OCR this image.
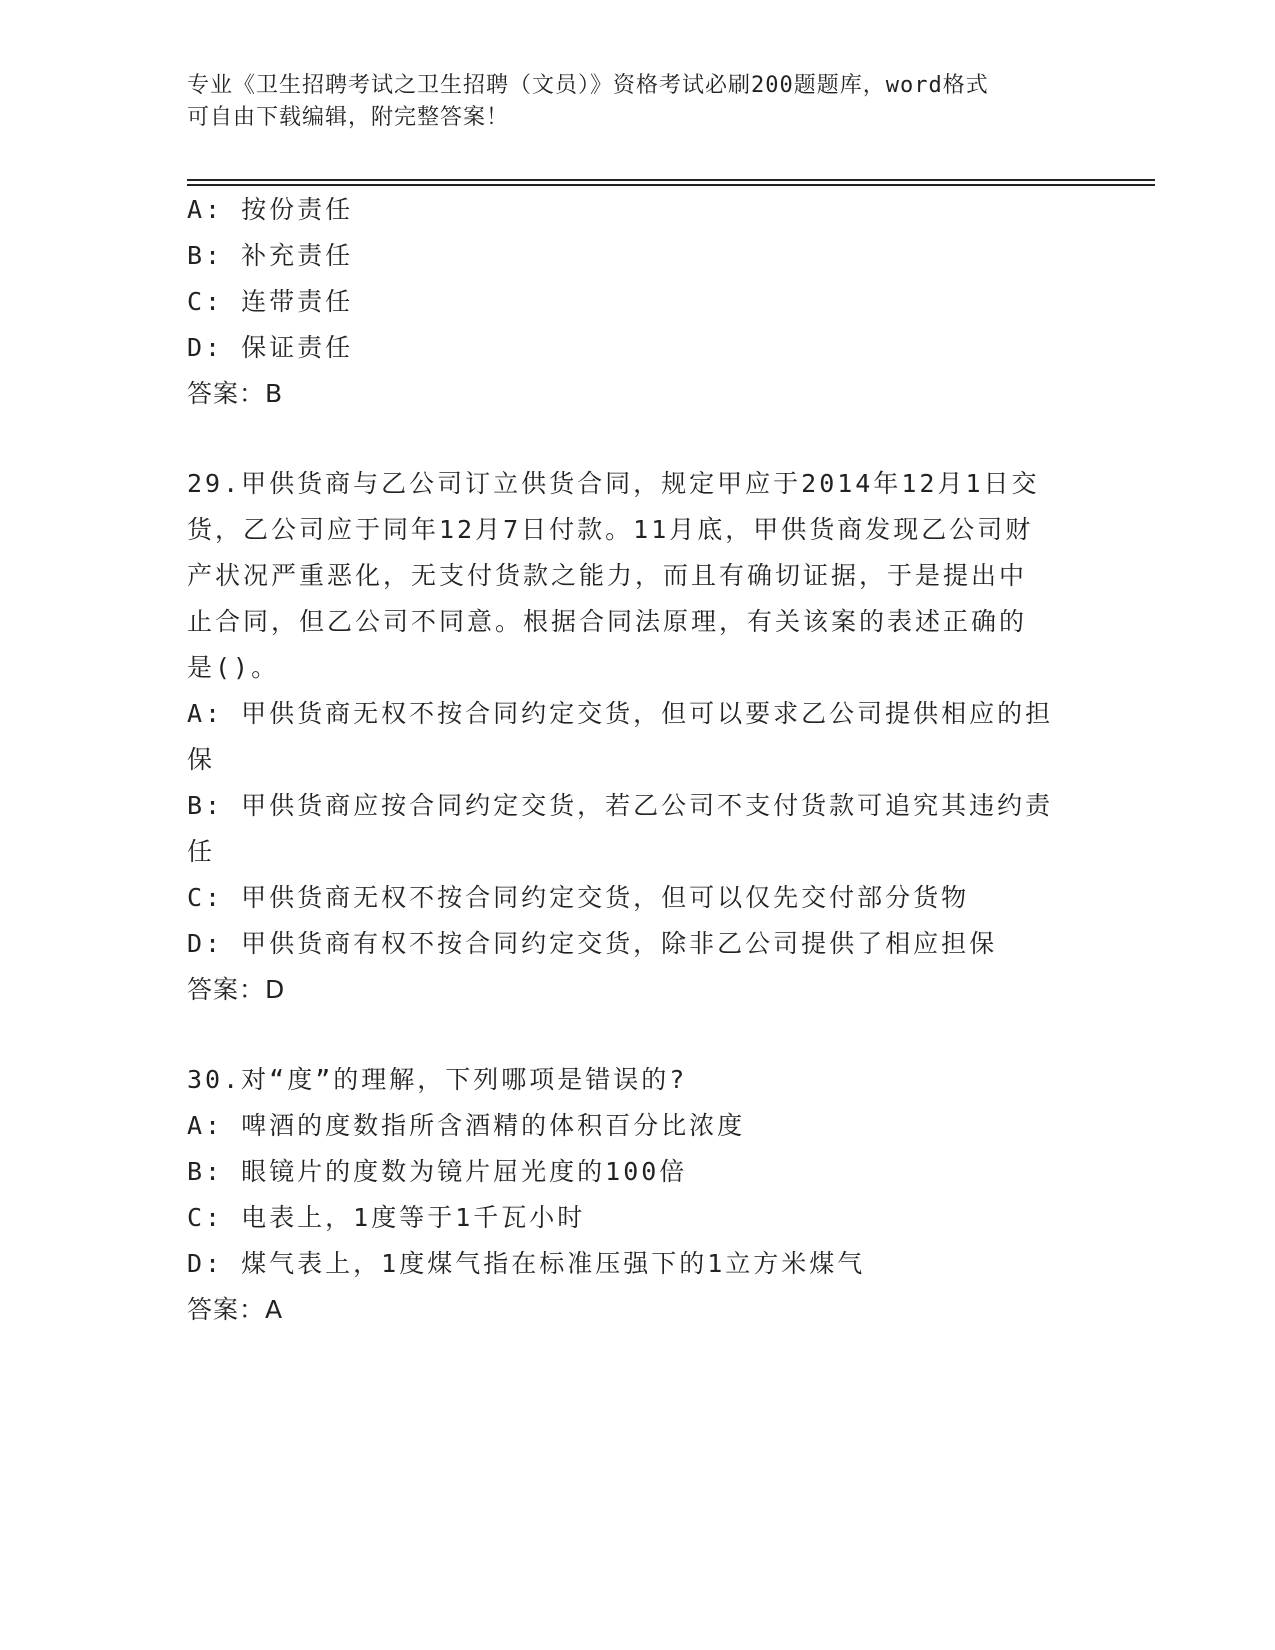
专业《卫生招聘考试之卫生招聘（文员）》资格考试必刷200题题库，word格式

可自由下载编辑，附完整答案！

A: 按份责任

B: 补充责任

C: 连带责任

D: 保证责任

答案：B

29.甲供货商与乙公司订立供货合同，规定甲应于2014年12月1日交

货，乙公司应于同年12月7日付款。11月底，甲供货商发现乙公司财

产状况严重恶化，无支付货款之能力，而且有确切证据，于是提出中

止合同，但乙公司不同意。根据合同法原理，有关该案的表述正确的

是()。

A: 甲供货商无权不按合同约定交货，但可以要求乙公司提供相应的担

保

B: 甲供货商应按合同约定交货，若乙公司不支付货款可追究其违约责

任

C: 甲供货商无权不按合同约定交货，但可以仅先交付部分货物

D: 甲供货商有权不按合同约定交货，除非乙公司提供了相应担保

答案：D

30.对“度”的理解，下列哪项是错误的?

A: 啤酒的度数指所含酒精的体积百分比浓度

B: 眼镜片的度数为镜片屈光度的100倍

C: 电表上，1度等于1千瓦小时

D: 煤气表上，1度煤气指在标准压强下的1立方米煤气

答案：A
